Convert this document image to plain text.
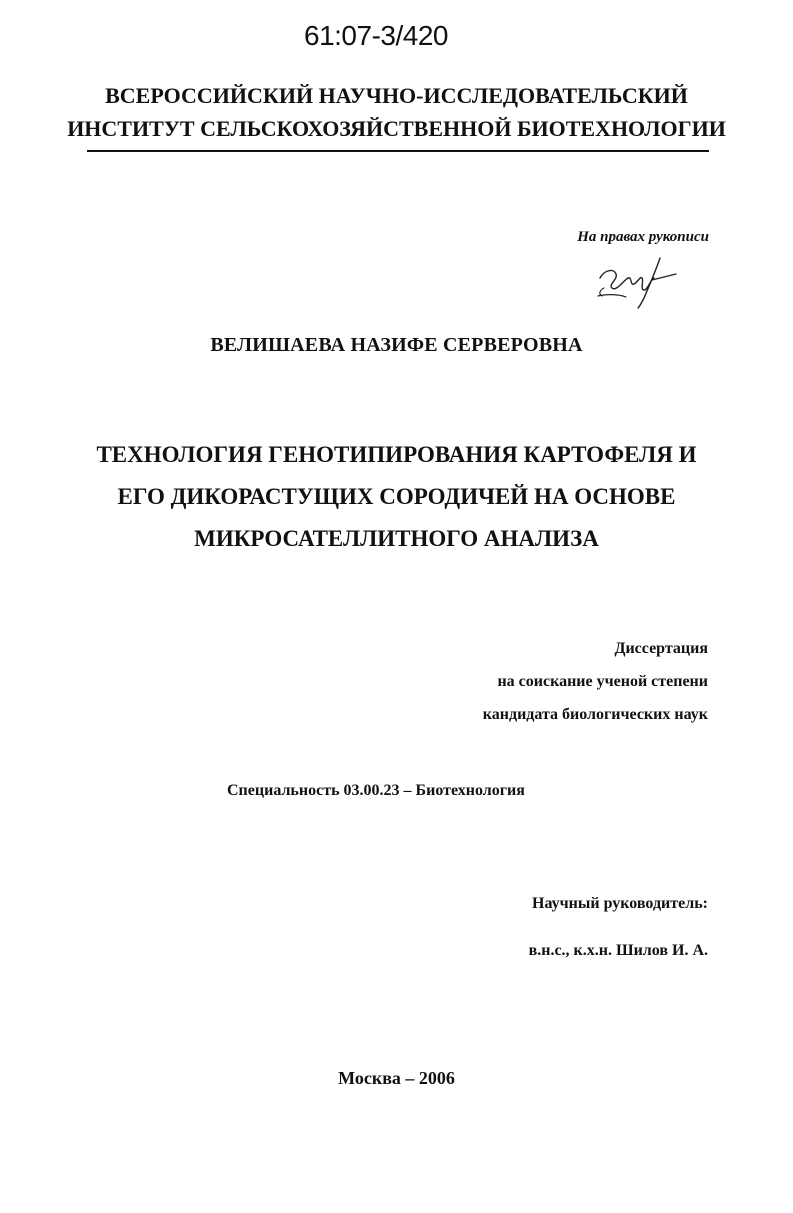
61:07-3/420
ВСЕРОССИЙСКИЙ НАУЧНО-ИССЛЕДОВАТЕЛЬСКИЙ
ИНСТИТУТ СЕЛЬСКОХОЗЯЙСТВЕННОЙ БИОТЕХНОЛОГИИ
На правах рукописи
ВЕЛИШАЕВА НАЗИФЕ СЕРВЕРОВНА
ТЕХНОЛОГИЯ ГЕНОТИПИРОВАНИЯ КАРТОФЕЛЯ И
ЕГО ДИКОРАСТУЩИХ СОРОДИЧЕЙ НА ОСНОВЕ
МИКРОСАТЕЛЛИТНОГО АНАЛИЗА
Диссертация
на соискание ученой степени
кандидата биологических наук
Специальность 03.00.23 – Биотехнология
Научный руководитель:
в.н.с., к.х.н. Шилов И. А.
Москва – 2006
